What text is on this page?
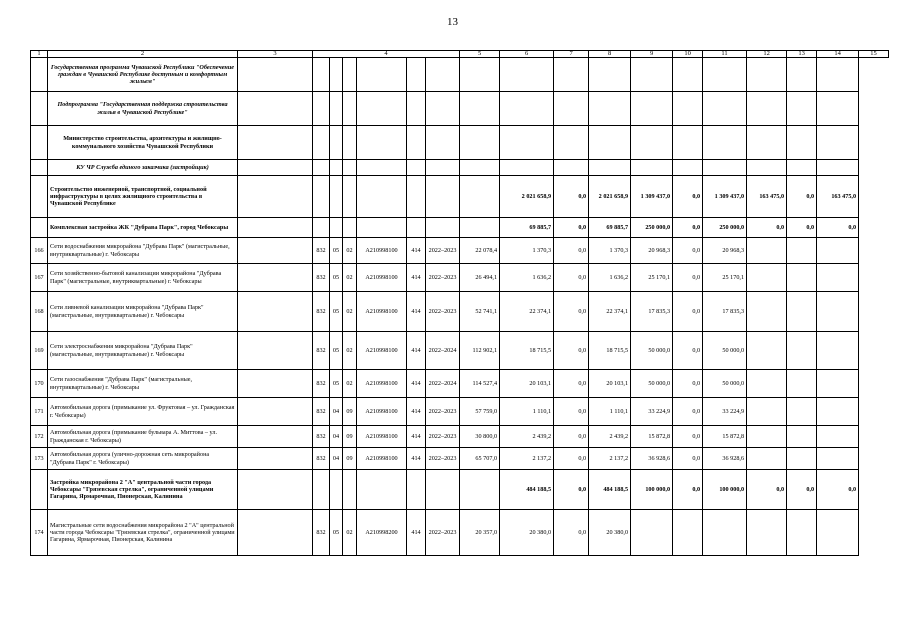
13
1	2	3	4						5	6	7	8	9	10	11	12	13	14	15
	Государственная программа Чувашской Республики "Обеспечение граждан в Чувашской Республике доступным и комфортным жильем"																		
	Подпрограмма "Государственная поддержка строительства жилья в Чувашской Республике"																		
	Министерство строительства, архитектуры и жилищно-коммунального хозяйства Чувашской Республики																		
	КУ ЧР Служба единого заказчика (застройщик)																		
	Строительство инженерной, транспортной, социальной инфраструктуры в целях жилищного строительства в Чувашской Республике									2 021 658,9	0,0	2 021 658,9	1 309 437,0	0,0	1 309 437,0	163 475,0	0,0	163 475,0	
	Комплексная застройка ЖК "Дубрава Парк", город Чебоксары									69 885,7	0,0	69 885,7	250 000,0	0,0	250 000,0	0,0	0,0	0,0	
166	Сети водоснабжения микрорайона "Дубрава Парк" (магистральные, внутриквартальные) г. Чебоксары		832	05	02	A210998100	414	2022–2023	22 078,4	1 370,3	0,0	1 370,3	20 968,3	0,0	20 968,3				
167	Сети хозяйственно-бытовой канализации микрорайона "Дубрава Парк" (магистральные, внутриквартальные) г. Чебоксары		832	05	02	A210998100	414	2022–2023	26 494,1	1 636,2	0,0	1 636,2	25 170,1	0,0	25 170,1				
168	Сети ливневой канализации микрорайона "Дубрава Парк" (магистральные, внутриквартальные) г. Чебоксары		832	05	02	A210998100	414	2022–2023	52 741,1	22 374,1	0,0	22 374,1	17 835,3	0,0	17 835,3				
169	Сети электроснабжения микрорайона "Дубрава Парк" (магистральные, внутриквартальные) г. Чебоксары		832	05	02	A210998100	414	2022–2024	112 902,1	18 715,5	0,0	18 715,5	50 000,0	0,0	50 000,0				
170	Сети газоснабжения "Дубрава Парк" (магистральные, внутриквартальные) г. Чебоксары		832	05	02	A210998100	414	2022–2024	114 527,4	20 103,1	0,0	20 103,1	50 000,0	0,0	50 000,0				
171	Автомобильная дорога (примыкание ул. Фруктовая – ул. Гражданская г. Чебоксары)		832	04	09	A210998100	414	2022–2023	57 759,0	1 110,1	0,0	1 110,1	33 224,9	0,0	33 224,9				
172	Автомобильная дорога (примыкание бульвара А. Миттова – ул. Гражданская г. Чебоксары)		832	04	09	A210998100	414	2022–2023	30 800,0	2 439,2	0,0	2 439,2	15 872,8	0,0	15 872,8				
173	Автомобильная дорога (улично-дорожная сеть микрорайона "Дубрава Парк" г. Чебоксары)		832	04	09	A210998100	414	2022–2023	65 707,0	2 137,2	0,0	2 137,2	36 928,6	0,0	36 928,6				
	Застройка микрорайона 2 "А" центральной части города Чебоксары "Грязевская стрелка", ограниченной улицами Гагарина, Ярмарочная, Пионерская, Калинина									484 188,5	0,0	484 188,5	100 000,0	0,0	100 000,0	0,0	0,0	0,0	
174	Магистральные сети водоснабжения микрорайона 2 "А" центральной части города Чебоксары "Грязевская стрелка", ограниченной улицами Гагарина, Ярмарочная, Пионерская, Калинина		832	05	02	A210998200	414	2022–2023	20 357,0	20 380,0	0,0	20 380,0							
